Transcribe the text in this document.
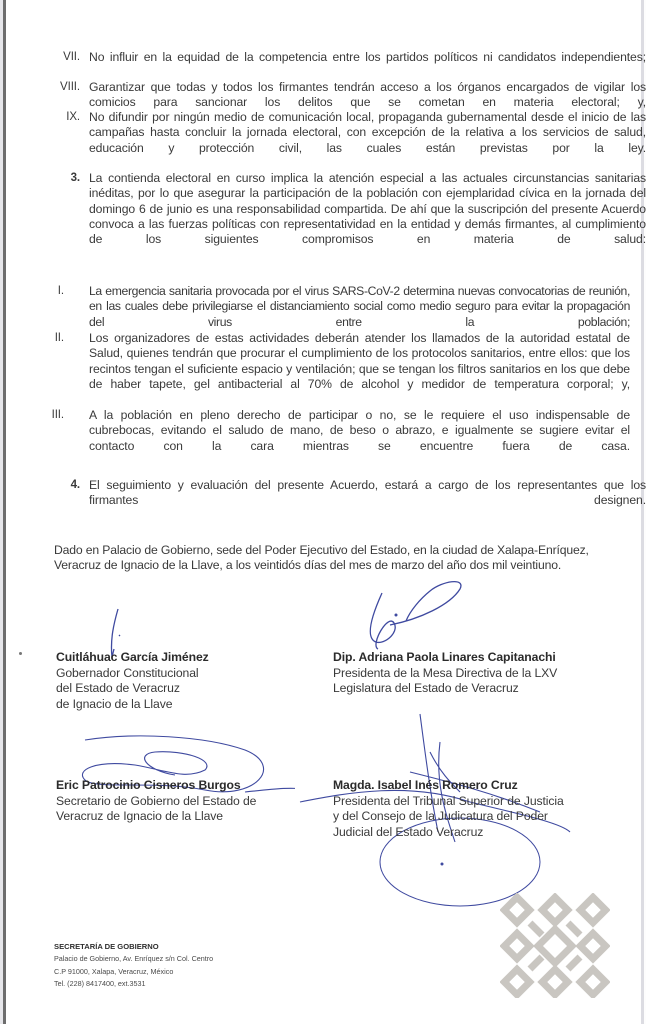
VII. No influir en la equidad de la competencia entre los partidos políticos ni candidatos independientes;
VIII. Garantizar que todas y todos los firmantes tendrán acceso a los órganos encargados de vigilar los comicios para sancionar los delitos que se cometan en materia electoral; y,
IX. No difundir por ningún medio de comunicación local, propaganda gubernamental desde el inicio de las campañas hasta concluir la jornada electoral, con excepción de la relativa a los servicios de salud, educación y protección civil, las cuales están previstas por la ley.
3. La contienda electoral en curso implica la atención especial a las actuales circunstancias sanitarias inéditas, por lo que asegurar la participación de la población con ejemplaridad cívica en la jornada del domingo 6 de junio es una responsabilidad compartida. De ahí que la suscripción del presente Acuerdo convoca a las fuerzas políticas con representatividad en la entidad y demás firmantes, al cumplimiento de los siguientes compromisos en materia de salud:
I. La emergencia sanitaria provocada por el virus SARS-CoV-2 determina nuevas convocatorias de reunión, en las cuales debe privilegiarse el distanciamiento social como medio seguro para evitar la propagación del virus entre la población;
II. Los organizadores de estas actividades deberán atender los llamados de la autoridad estatal de Salud, quienes tendrán que procurar el cumplimiento de los protocolos sanitarios, entre ellos: que los recintos tengan el suficiente espacio y ventilación; que se tengan los filtros sanitarios en los que debe de haber tapete, gel antibacterial al 70% de alcohol y medidor de temperatura corporal; y,
III. A la población en pleno derecho de participar o no, se le requiere el uso indispensable de cubrebocas, evitando el saludo de mano, de beso o abrazo, e igualmente se sugiere evitar el contacto con la cara mientras se encuentre fuera de casa.
4. El seguimiento y evaluación del presente Acuerdo, estará a cargo de los representantes que los firmantes designen.
Dado en Palacio de Gobierno, sede del Poder Ejecutivo del Estado, en la ciudad de Xalapa-Enríquez, Veracruz de Ignacio de la Llave, a los veintidós días del mes de marzo del año dos mil veintiuno.
Cuitláhuac García Jiménez
Gobernador Constitucional
del Estado de Veracruz
de Ignacio de la Llave
Dip. Adriana Paola Linares Capitanachi
Presidenta de la Mesa Directiva de la LXV
Legislatura del Estado de Veracruz
Eric Patrocinio Cisneros Burgos
Secretario de Gobierno del Estado de
Veracruz de Ignacio de la Llave
Magda. Isabel Inés Romero Cruz
Presidenta del Tribunal Superior de Justicia
y del Consejo de la Judicatura del Poder
Judicial del Estado Veracruz
SECRETARÍA DE GOBIERNO
Palacio de Gobierno, Av. Enríquez s/n Col. Centro
C.P 91000, Xalapa, Veracruz, México
Tel. (228) 8417400, ext.3531
